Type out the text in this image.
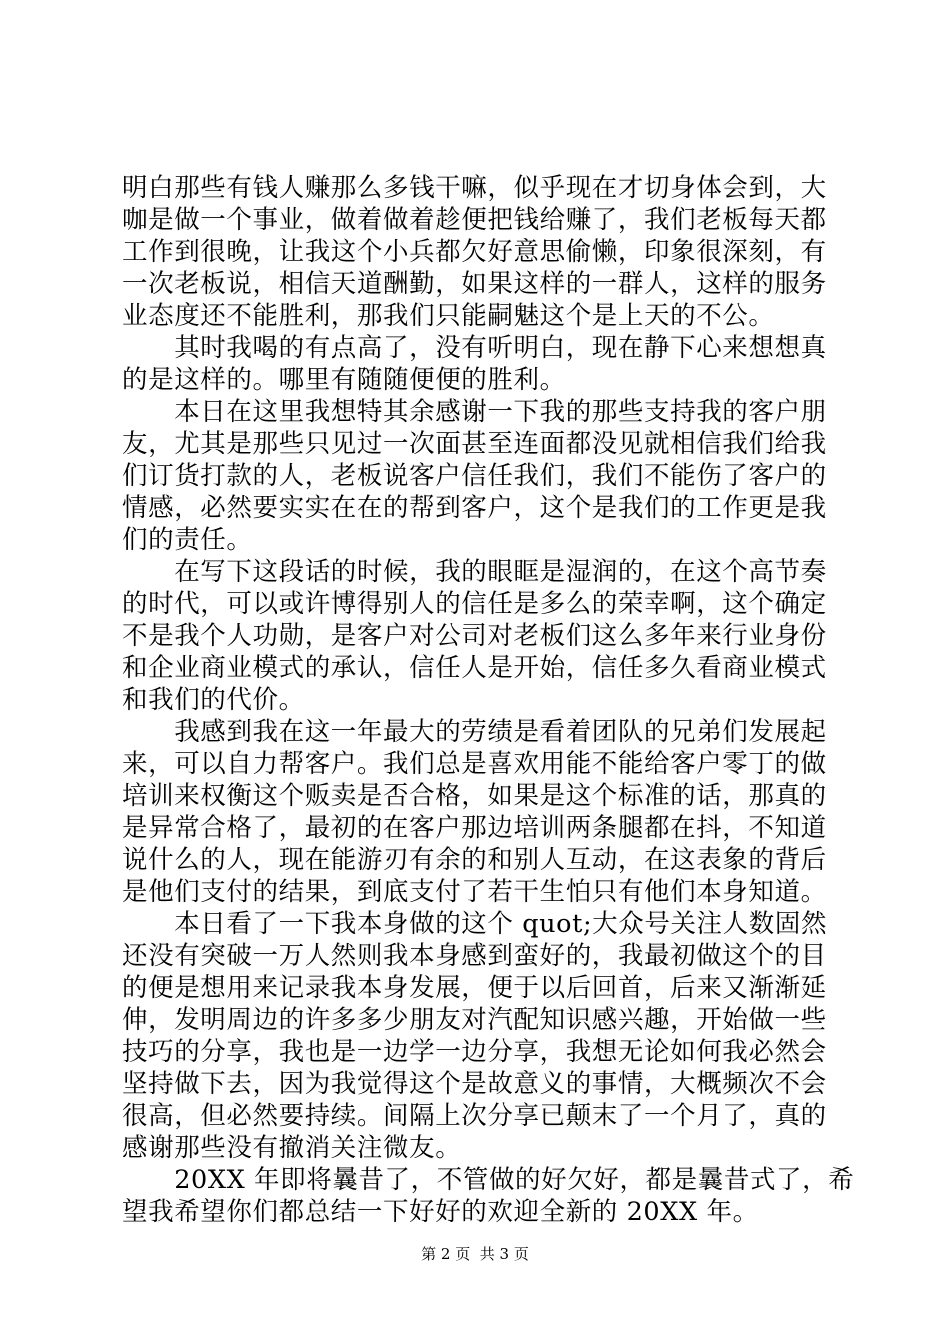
明白那些有钱人赚那么多钱干嘛，似乎现在才切身体会到，大
咖是做一个事业，做着做着趁便把钱给赚了，我们老板每天都
工作到很晚，让我这个小兵都欠好意思偷懒，印象很深刻，有
一次老板说，相信天道酬勤，如果这样的一群人，这样的服务
业态度还不能胜利，那我们只能嗣魅这个是上天的不公。
　　其时我喝的有点高了，没有听明白，现在静下心来想想真
的是这样的。哪里有随随便便的胜利。
　　本日在这里我想特其余感谢一下我的那些支持我的客户朋
友，尤其是那些只见过一次面甚至连面都没见就相信我们给我
们订货打款的人，老板说客户信任我们，我们不能伤了客户的
情感，必然要实实在在的帮到客户，这个是我们的工作更是我
们的责任。
　　在写下这段话的时候，我的眼眶是湿润的，在这个高节奏
的时代，可以或许博得别人的信任是多么的荣幸啊，这个确定
不是我个人功勋，是客户对公司对老板们这么多年来行业身份
和企业商业模式的承认，信任人是开始，信任多久看商业模式
和我们的代价。
　　我感到我在这一年最大的劳绩是看着团队的兄弟们发展起
来，可以自力帮客户。我们总是喜欢用能不能给客户零丁的做
培训来权衡这个贩卖是否合格，如果是这个标准的话，那真的
是异常合格了，最初的在客户那边培训两条腿都在抖，不知道
说什么的人，现在能游刃有余的和别人互动，在这表象的背后
是他们支付的结果，到底支付了若干生怕只有他们本身知道。
　　本日看了一下我本身做的这个 quot;大众号关注人数固然
还没有突破一万人然则我本身感到蛮好的，我最初做这个的目
的便是想用来记录我本身发展，便于以后回首，后来又渐渐延
伸，发明周边的许多多少朋友对汽配知识感兴趣，开始做一些
技巧的分享，我也是一边学一边分享，我想无论如何我必然会
坚持做下去，因为我觉得这个是故意义的事情，大概频次不会
很高，但必然要持续。间隔上次分享已颠末了一个月了，真的
感谢那些没有撤消关注微友。
　　20XX 年即将曩昔了，不管做的好欠好，都是曩昔式了，希
望我希望你们都总结一下好好的欢迎全新的 20XX 年。
第 2 页  共 3 页
